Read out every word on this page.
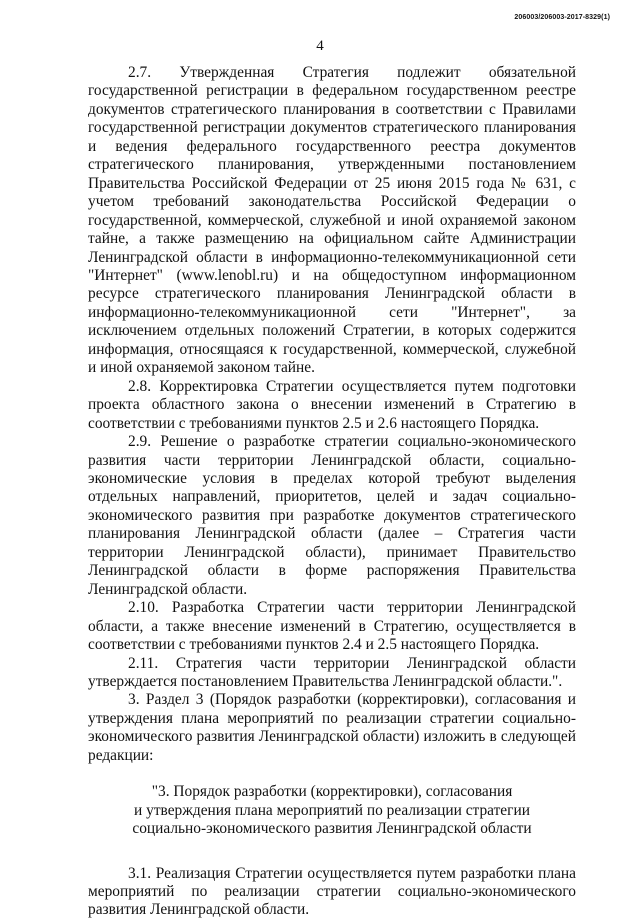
206003/206003-2017-8329(1)
4

2.7. Утвержденная Стратегия подлежит обязательной государственной регистрации в федеральном государственном реестре документов стратегического планирования в соответствии с Правилами государственной регистрации документов стратегического планирования и ведения федерального государственного реестра документов стратегического планирования, утвержденными постановлением Правительства Российской Федерации от 25 июня 2015 года № 631, с учетом требований законодательства Российской Федерации о государственной, коммерческой, служебной и иной охраняемой законом тайне, а также размещению на официальном сайте Администрации Ленинградской области в информационно-телекоммуникационной сети "Интернет" (www.lenobl.ru) и на общедоступном информационном ресурсе стратегического планирования Ленинградской области в информационно-телекоммуникационной сети "Интернет", за исключением отдельных положений Стратегии, в которых содержится информация, относящаяся к государственной, коммерческой, служебной и иной охраняемой законом тайне.

2.8. Корректировка Стратегии осуществляется путем подготовки проекта областного закона о внесении изменений в Стратегию в соответствии с требованиями пунктов 2.5 и 2.6 настоящего Порядка.

2.9. Решение о разработке стратегии социально-экономического развития части территории Ленинградской области, социально-экономические условия в пределах которой требуют выделения отдельных направлений, приоритетов, целей и задач социально-экономического развития при разработке документов стратегического планирования Ленинградской области (далее – Стратегия части территории Ленинградской области), принимает Правительство Ленинградской области в форме распоряжения Правительства Ленинградской области.

2.10. Разработка Стратегии части территории Ленинградской области, а также внесение изменений в Стратегию, осуществляется в соответствии с требованиями пунктов 2.4 и 2.5 настоящего Порядка.

2.11. Стратегия части территории Ленинградской области утверждается постановлением Правительства Ленинградской области.".

3. Раздел 3 (Порядок разработки (корректировки), согласования и утверждения плана мероприятий по реализации стратегии социально-экономического развития Ленинградской области) изложить в следующей редакции:

"3. Порядок разработки (корректировки), согласования
и утверждения плана мероприятий по реализации стратегии
социально-экономического развития Ленинградской области

3.1. Реализация Стратегии осуществляется путем разработки плана мероприятий по реализации стратегии социально-экономического развития Ленинградской области.
